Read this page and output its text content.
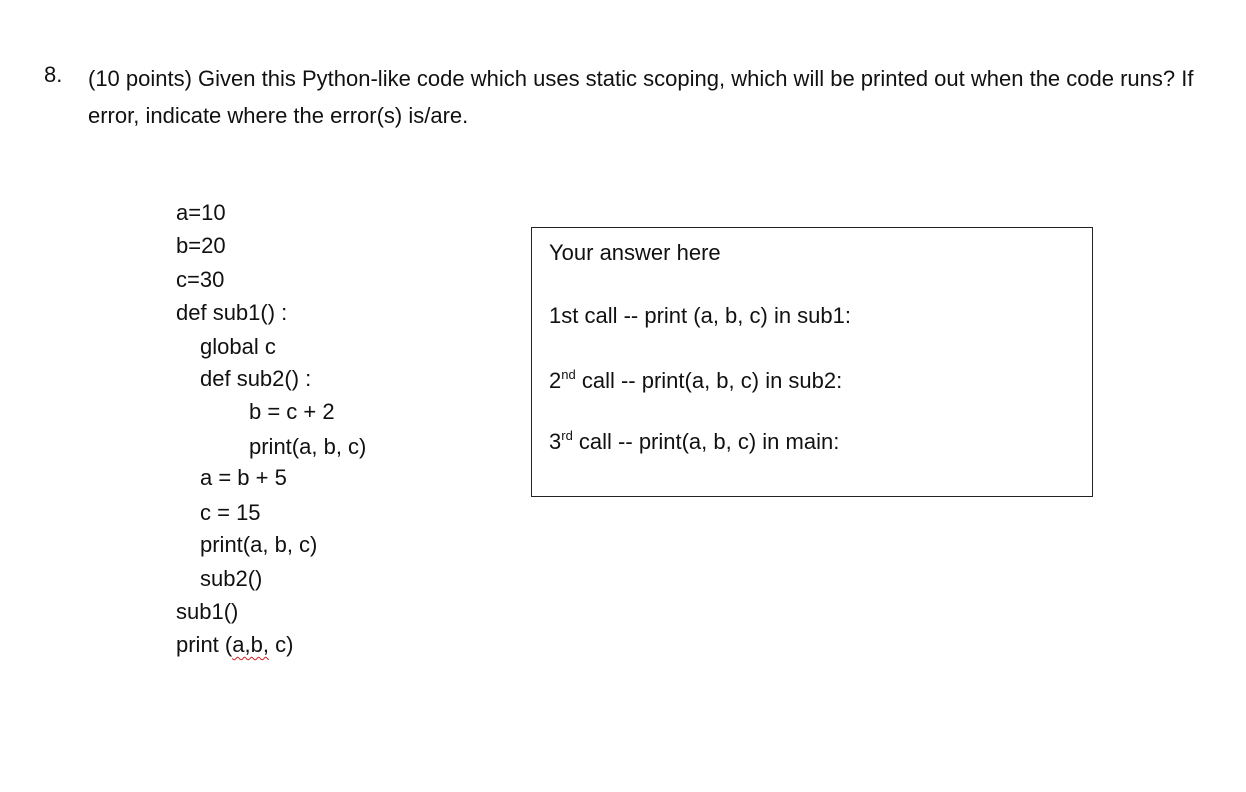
8. (10 points) Given this Python-like code which uses static scoping, which will be printed out when the code runs? If error, indicate where the error(s) is/are.
a=10
b=20
c=30
def sub1() :
global c
def sub2() :
b = c + 2
print(a, b, c)
a = b + 5
c = 15
print(a, b, c)
sub2()
sub1()
print (a,b, c)
Your answer here
1st call -- print (a, b, c) in sub1:
2nd call -- print(a, b, c) in sub2:
3rd call -- print(a, b, c) in main:
